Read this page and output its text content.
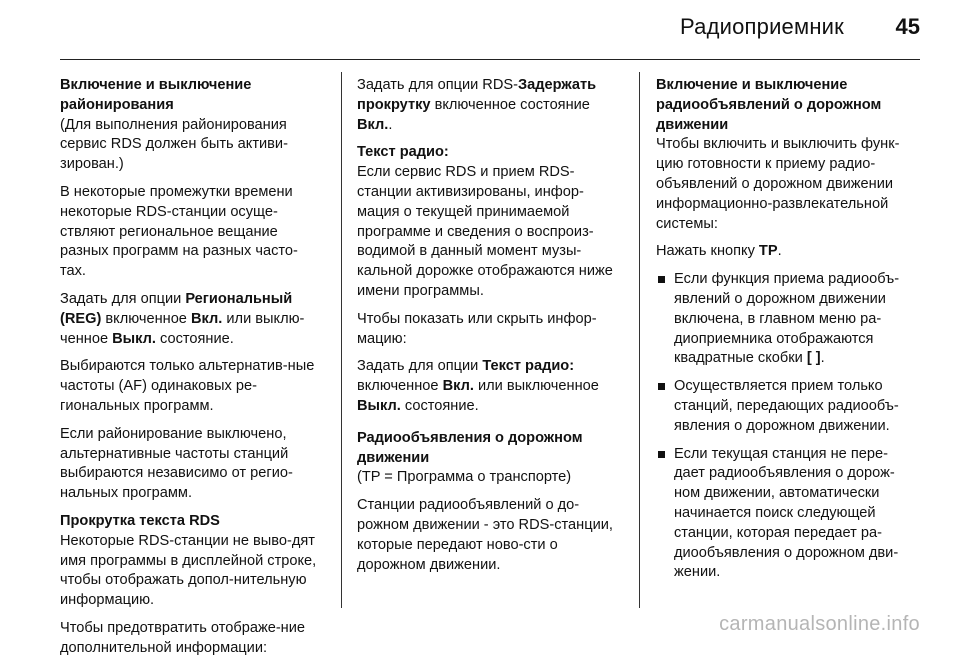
Радиоприемник 45
Включение и выключение районирования
(Для выполнения районирования сервис RDS должен быть активи-зирован.)
В некоторые промежутки времени некоторые RDS-станции осуще-ствляют региональное вещание разных программ на разных часто-тах.
Задать для опции Региональный (REG) включенное Вкл. или выклю-ченное Выкл. состояние.
Выбираются только альтернатив-ные частоты (AF) одинаковых ре-гиональных программ.
Если районирование выключено, альтернативные частоты станций выбираются независимо от регио-нальных программ.
Прокрутка текста RDS
Некоторые RDS-станции не выво-дят имя программы в дисплейной строке, чтобы отображать допол-нительную информацию.
Чтобы предотвратить отображе-ние дополнительной информации:
Задать для опции RDS-Задержать прокрутку включенное состояние Вкл..
Текст радио:
Если сервис RDS и прием RDS-станции активизированы, инфор-мация о текущей принимаемой программе и сведения о воспроиз-водимой в данный момент музы-кальной дорожке отображаются ниже имени программы.
Чтобы показать или скрыть инфор-мацию:
Задать для опции Текст радио: включенное Вкл. или выключенное Выкл. состояние.
Радиообъявления о дорожном движении
(TP = Программа о транспорте)
Станции радиообъявлений о до-рожном движении - это RDS-станции, которые передают ново-сти о дорожном движении.
Включение и выключение радиообъявлений о дорожном движении
Чтобы включить и выключить функ-цию готовности к приему радио-объявлений о дорожном движении информационно-развлекательной системы:
Нажать кнопку TP.
Если функция приема радиообъ-явлений о дорожном движении включена, в главном меню ра-диоприемника отображаются квадратные скобки [ ].
Осуществляется прием только станций, передающих радиообъ-явления о дорожном движении.
Если текущая станция не пере-дает радиообъявления о дорож-ном движении, автоматически начинается поиск следующей станции, которая передает ра-диообъявления о дорожном дви-жении.
carmanualsonline.info
